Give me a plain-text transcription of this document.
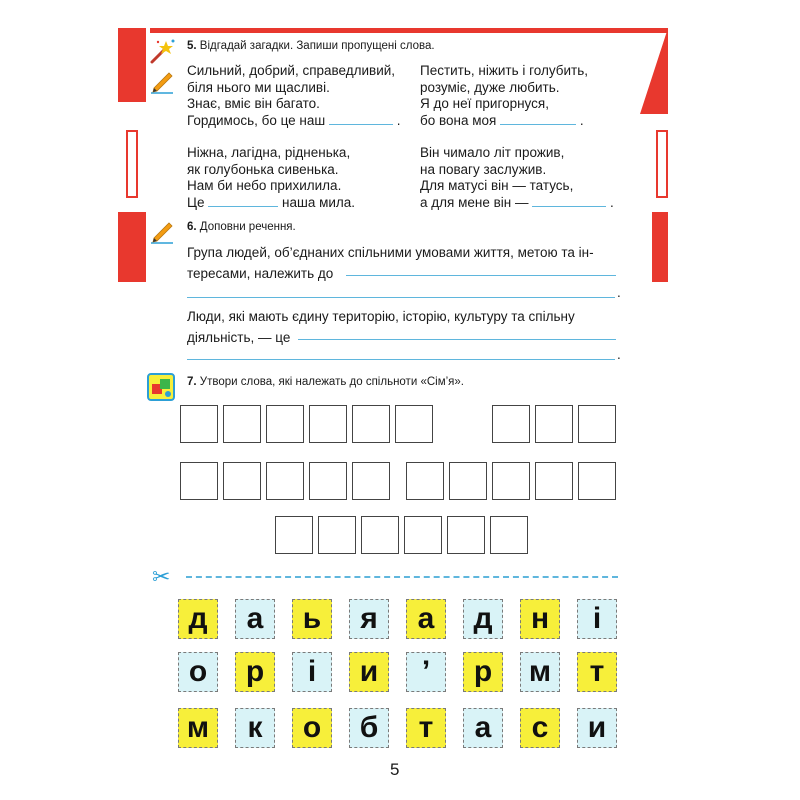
5. Відгадай загадки. Запиши пропущені слова.
Сильний, добрий, справедливий,
біля нього ми щасливі.
Знає, вміє він багато.
Гордимось, бо це наш	.
Пестить, ніжить і голубить,
розуміє, дуже любить.
Я до неї пригорнуся,
бо вона моя	.
Ніжна, лагідна, рідненька,
як голубонька сивенька.
Нам би небо прихилила.
Це	наша мила.
Він чимало літ прожив,
на повагу заслужив.
Для матусі він — татусь,
а для мене він —	.
6. Доповни речення.
Група людей, об’єднаних спільними умовами життя, метою та ін-
тересами, належить до
.
Люди, які мають єдину територію, історію, культуру та спільну
діяльність, — це
.
7. Утвори слова, які належать до спільноти «Сім’я».
✂
д	а	ь	я	а	д	н	і
о	р	і	и	’	р	м	т
м	к	о	б	т	а	с	и
5
